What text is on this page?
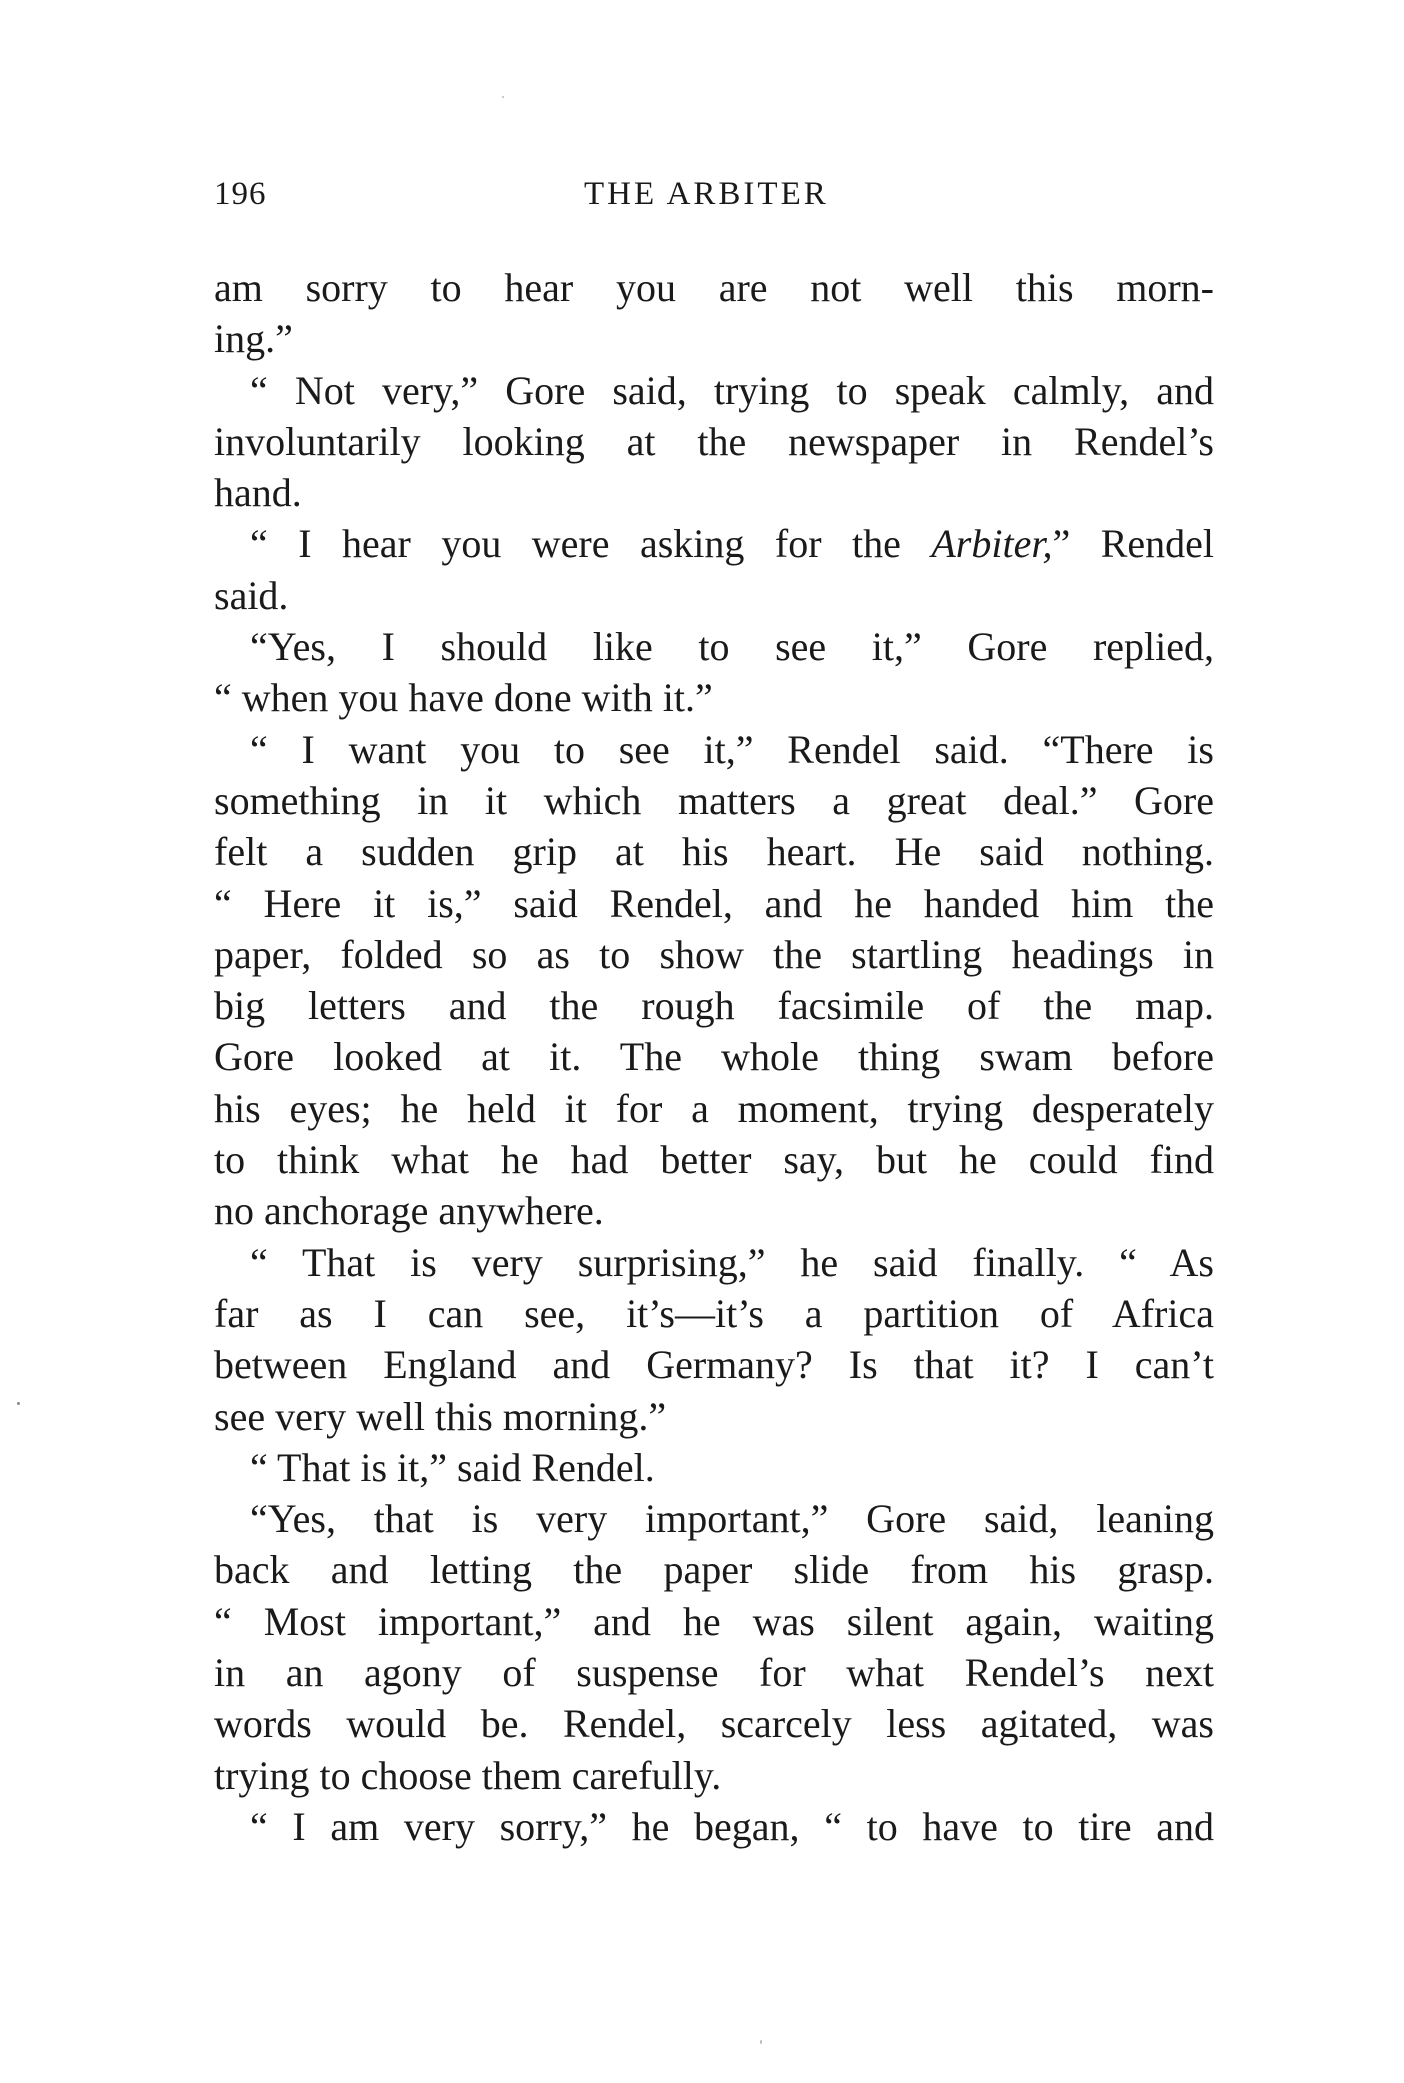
196	THE ARBITER
am sorry to hear you are not well this morn-
ing.”
“ Not very,” Gore said, trying to speak calmly, and
involuntarily looking at the newspaper in Rendel’s
hand.
“ I hear you were asking for the Arbiter,” Rendel
said.
“Yes, I should like to see it,” Gore replied,
“ when you have done with it.”
“ I want you to see it,” Rendel said. “There is
something in it which matters a great deal.” Gore
felt a sudden grip at his heart. He said nothing.
“ Here it is,” said Rendel, and he handed him the
paper, folded so as to show the startling headings in
big letters and the rough facsimile of the map.
Gore looked at it. The whole thing swam before
his eyes; he held it for a moment, trying desperately
to think what he had better say, but he could find
no anchorage anywhere.
“ That is very surprising,” he said finally. “ As
far as I can see, it’s—it’s a partition of Africa
between England and Germany? Is that it? I can’t
see very well this morning.”
“ That is it,” said Rendel.
“Yes, that is very important,” Gore said, leaning
back and letting the paper slide from his grasp.
“ Most important,” and he was silent again, waiting
in an agony of suspense for what Rendel’s next
words would be. Rendel, scarcely less agitated, was
trying to choose them carefully.
“ I am very sorry,” he began, “ to have to tire and
